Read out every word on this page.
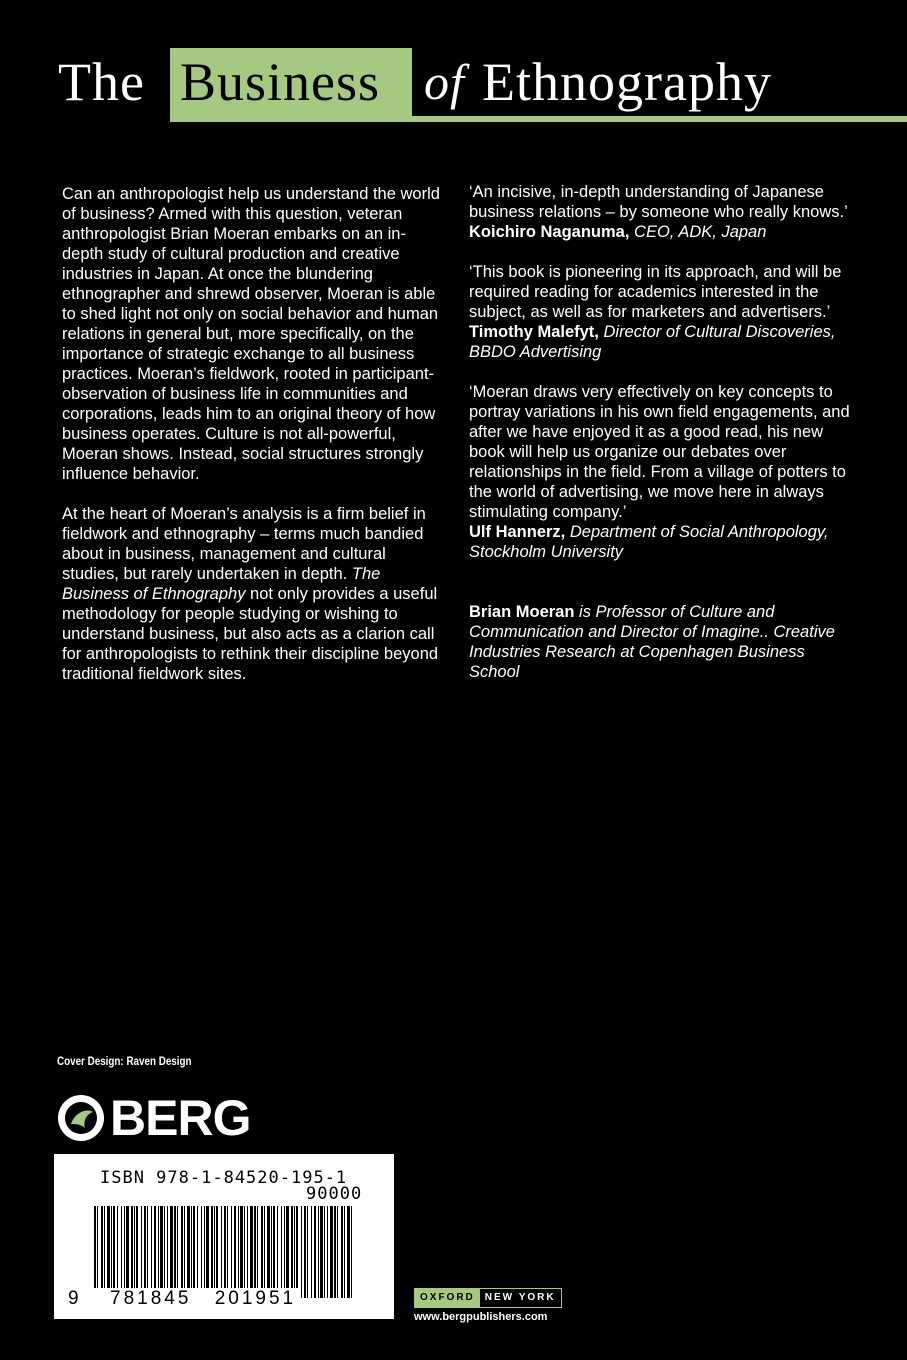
The Business of Ethnography

Can an anthropologist help us understand the world of business? Armed with this question, veteran anthropologist Brian Moeran embarks on an in-depth study of cultural production and creative industries in Japan. At once the blundering ethnographer and shrewd observer, Moeran is able to shed light not only on social behavior and human relations in general but, more specifically, on the importance of strategic exchange to all business practices. Moeran’s fieldwork, rooted in participant-observation of business life in communities and corporations, leads him to an original theory of how business operates. Culture is not all-powerful, Moeran shows. Instead, social structures strongly influence behavior.

At the heart of Moeran’s analysis is a firm belief in fieldwork and ethnography – terms much bandied about in business, management and cultural studies, but rarely undertaken in depth. The Business of Ethnography not only provides a useful methodology for people studying or wishing to understand business, but also acts as a clarion call for anthropologists to rethink their discipline beyond traditional fieldwork sites.

‘An incisive, in-depth understanding of Japanese business relations – by someone who really knows.’
Koichiro Naganuma, CEO, ADK, Japan

‘This book is pioneering in its approach, and will be required reading for academics interested in the subject, as well as for marketers and advertisers.’
Timothy Malefyt, Director of Cultural Discoveries, BBDO Advertising

‘Moeran draws very effectively on key concepts to portray variations in his own field engagements, and after we have enjoyed it as a good read, his new book will help us organize our debates over relationships in the field. From a village of potters to the world of advertising, we move here in always stimulating company.’
Ulf Hannerz, Department of Social Anthropology, Stockholm University

Brian Moeran is Professor of Culture and Communication and Director of Imagine.. Creative Industries Research at Copenhagen Business School

Cover Design: Raven Design
BERG
ISBN 978-1-84520-195-1
90000
9 781845 201951	OXFORD	NEW YORK
www.bergpublishers.com
